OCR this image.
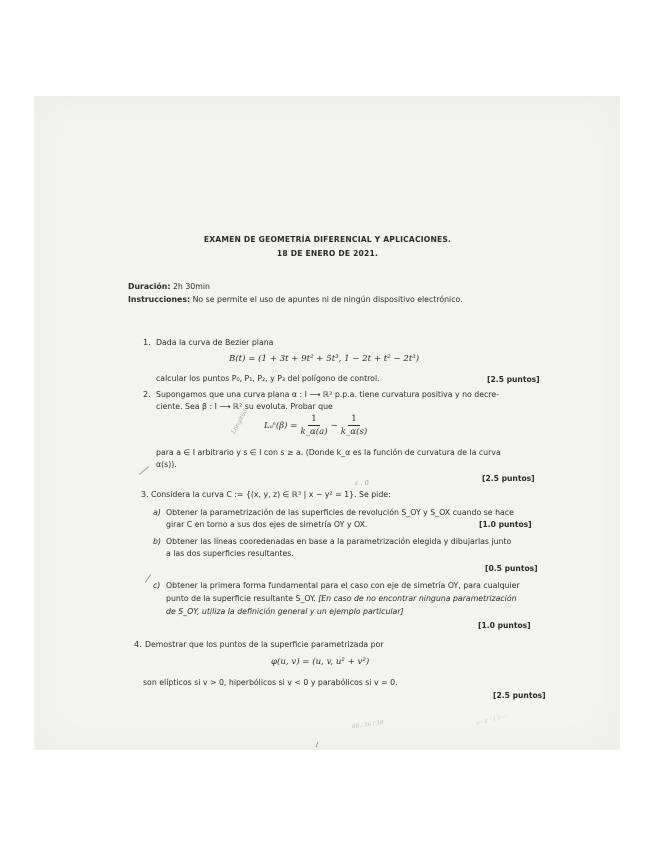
EXAMEN DE GEOMETRÍA DIFERENCIAL Y APLICACIONES.

18 DE ENERO DE 2021.

Duración: 2h 30min

Instrucciones: No se permite el uso de apuntes ni de ningún dispositivo electrónico.

1. Dada la curva de Bezier plana

B(t) = (1 + 3t + 9t² + 5t³, 1 − 2t + t² − 2t³)

calcular los puntos P₀, P₁, P₂, y P₃ del polígono de control.	[2.5 puntos]

2. Supongamos que una curva plana α : I ⟶ ℝ² p.p.a. tiene curvatura positiva y no decre-

ciente. Sea β : I ⟶ ℝ² su evoluta. Probar que

Lₐˢ(β) = $\frac{1}{k\_\alpha(a)} - \frac{1}{k\_\alpha(s)}$

para a ∈ I arbitrario y s ∈ I con s ≥ a. (Donde k_α es la función de curvatura de la curva

α(s)).

[2.5 puntos]

3. Considera la curva C := {(x, y, z) ∈ ℝ³ | x − y² = 1}. Se pide:

a) Obtener la parametrización de las superficies de revolución S_OY y S_OX cuando se hace

girar C en torno a sus dos ejes de simetría OY y OX.	[1.0 puntos]

b) Obtener las líneas cooredenadas en base a la parametrización elegida y dibujarlas junto

a las dos superficies resultantes.

[0.5 puntos]

c) Obtener la primera forma fundamental para el caso con eje de simetría OY, para cualquier

punto de la superficie resultante S_OY. [En caso de no encontrar ninguna parametrización

de S_OY, utiliza la definición general y un ejemplo particular]

[1.0 puntos]

4. Demostrar que los puntos de la superficie parametrizada por

φ(u, v) = (u, v, u² + v²)

son elípticos si v > 0, hiperbólicos si v < 0 y parabólicos si v = 0.

[2.5 puntos]

Longitud

ε . 0

68 / 36 / 18	r · ε · ( ) ...
